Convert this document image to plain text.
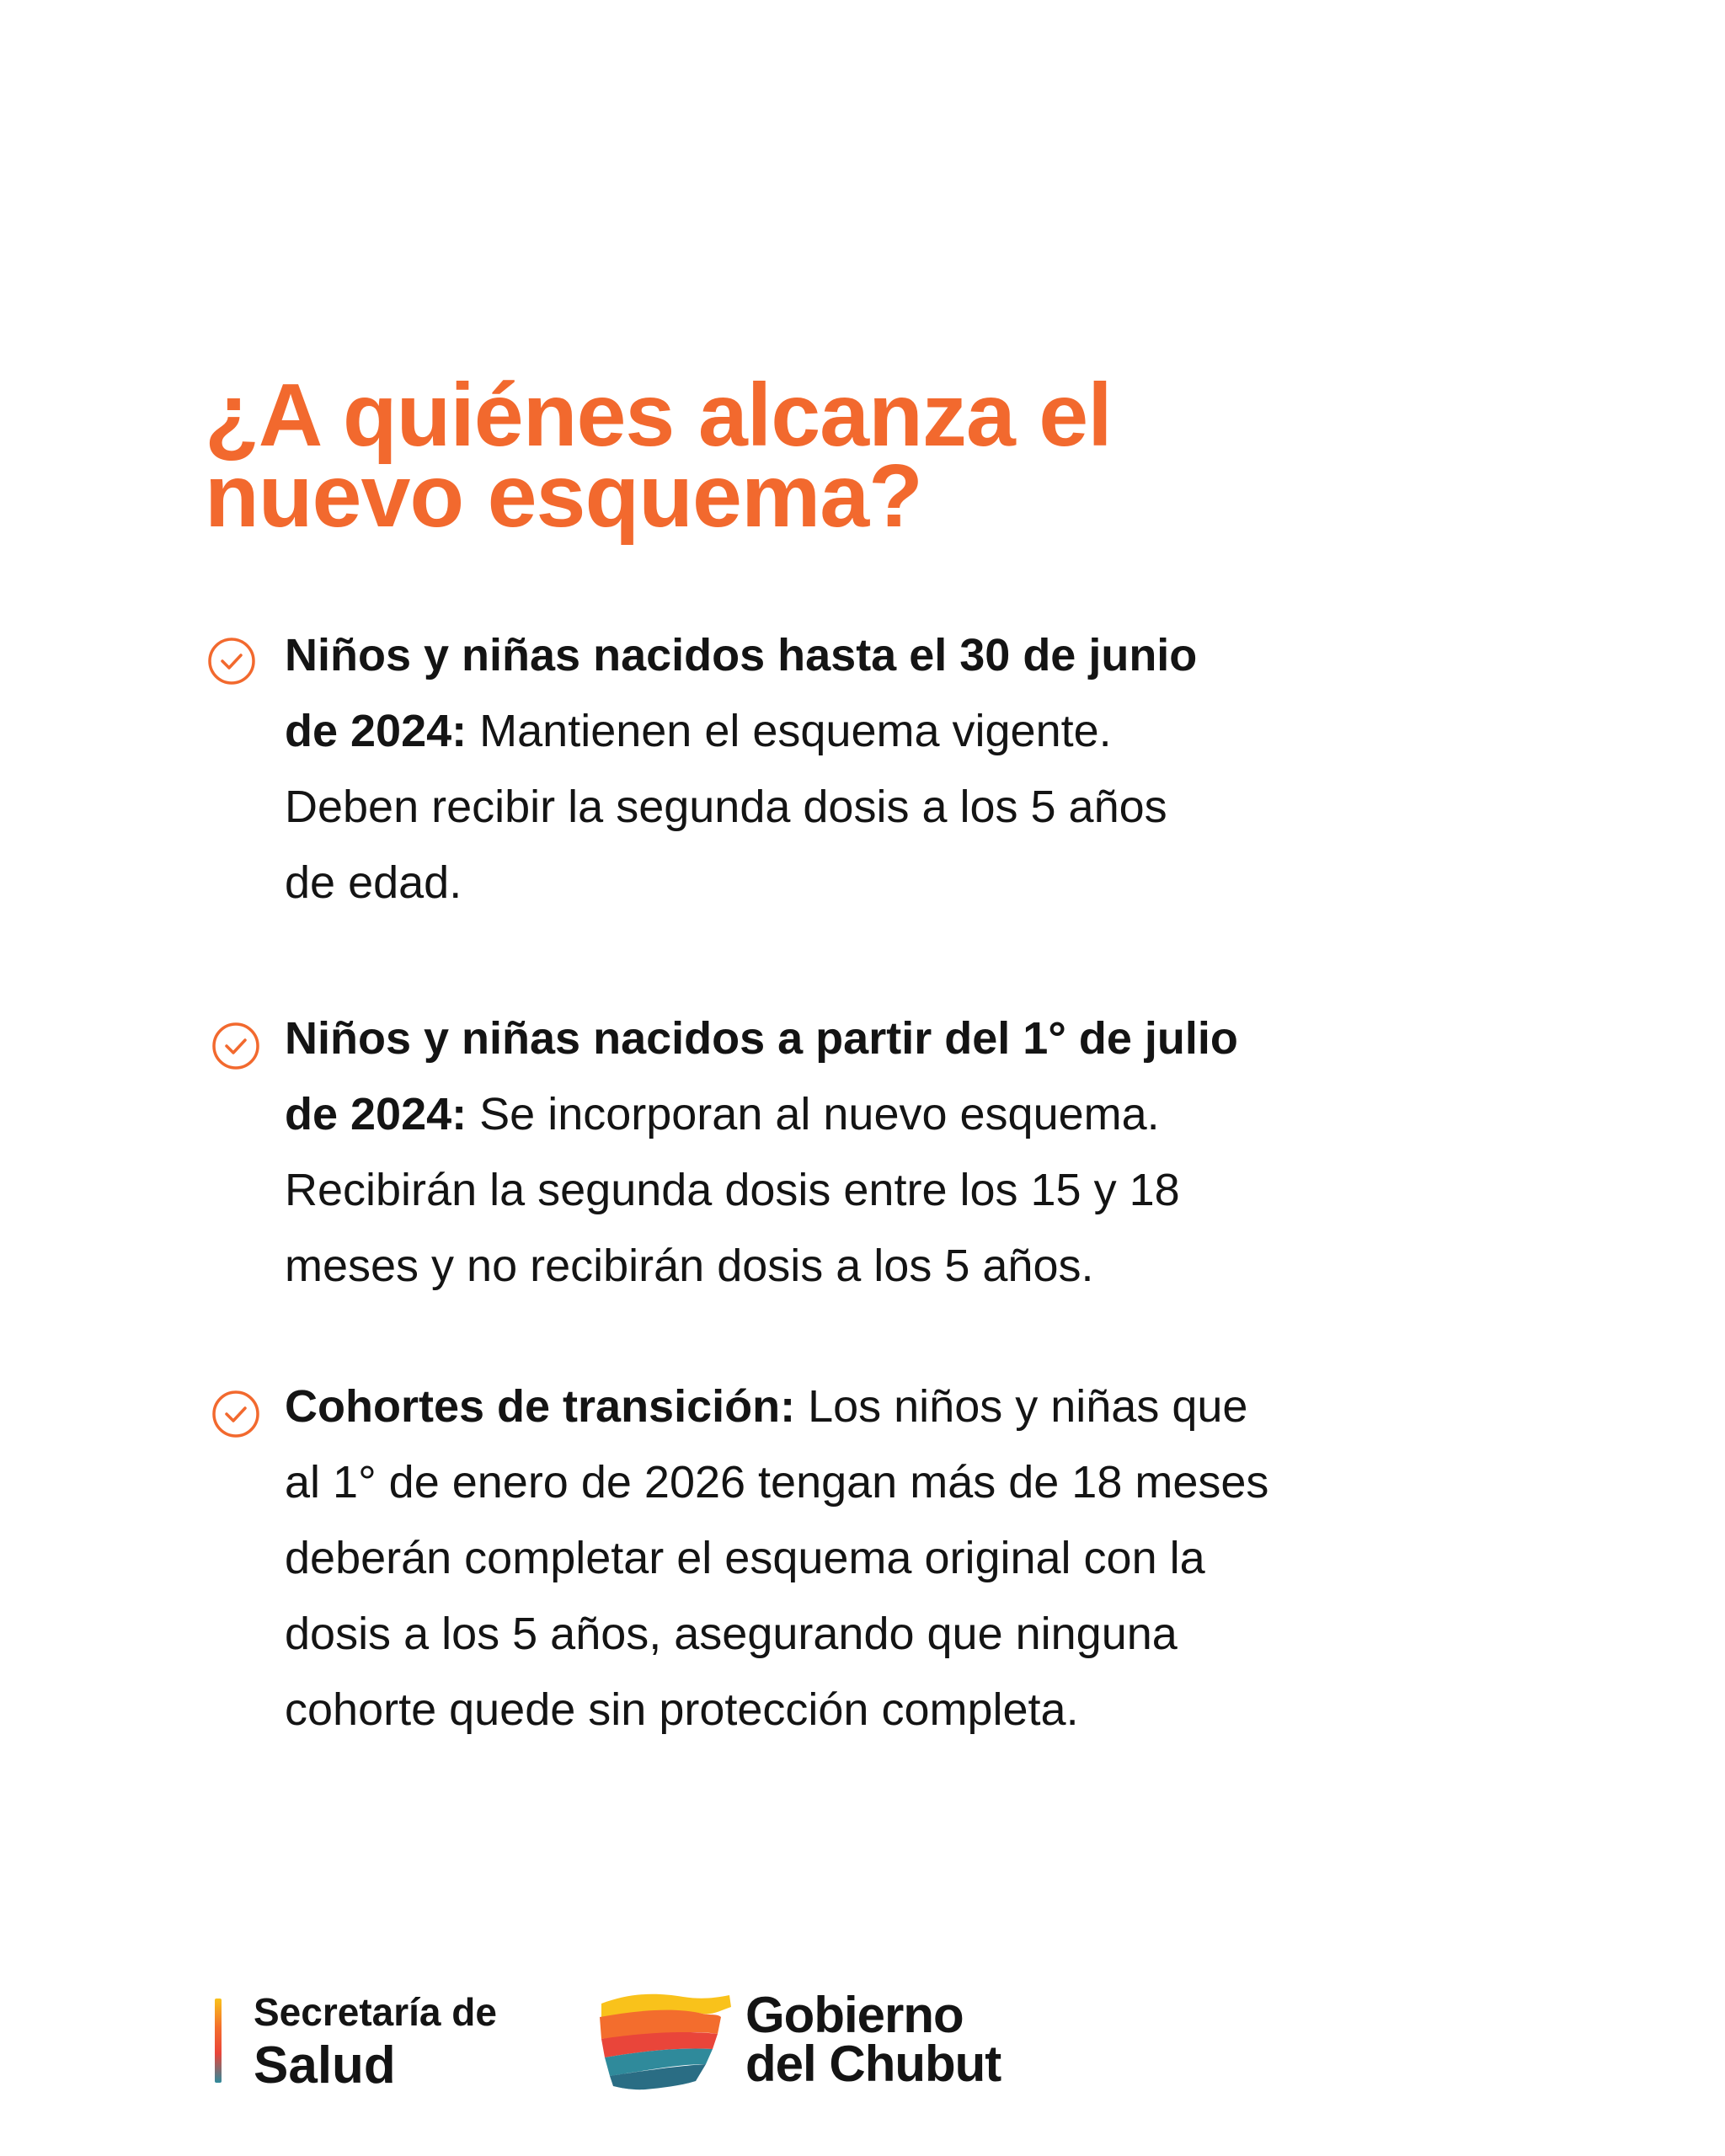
¿A quiénes alcanza el
nuevo esquema?
Niños y niñas nacidos hasta el 30 de junio
de 2024: Mantienen el esquema vigente.
Deben recibir la segunda dosis a los 5 años
de edad.
Niños y niñas nacidos a partir del 1° de julio
de 2024: Se incorporan al nuevo esquema.
Recibirán la segunda dosis entre los 15 y 18
meses y no recibirán dosis a los 5 años.
Cohortes de transición: Los niños y niñas que
al 1° de enero de 2026 tengan más de 18 meses
deberán completar el esquema original con la
dosis a los 5 años, asegurando que ninguna
cohorte quede sin protección completa.
Secretaría de
Salud
Gobierno
del Chubut
